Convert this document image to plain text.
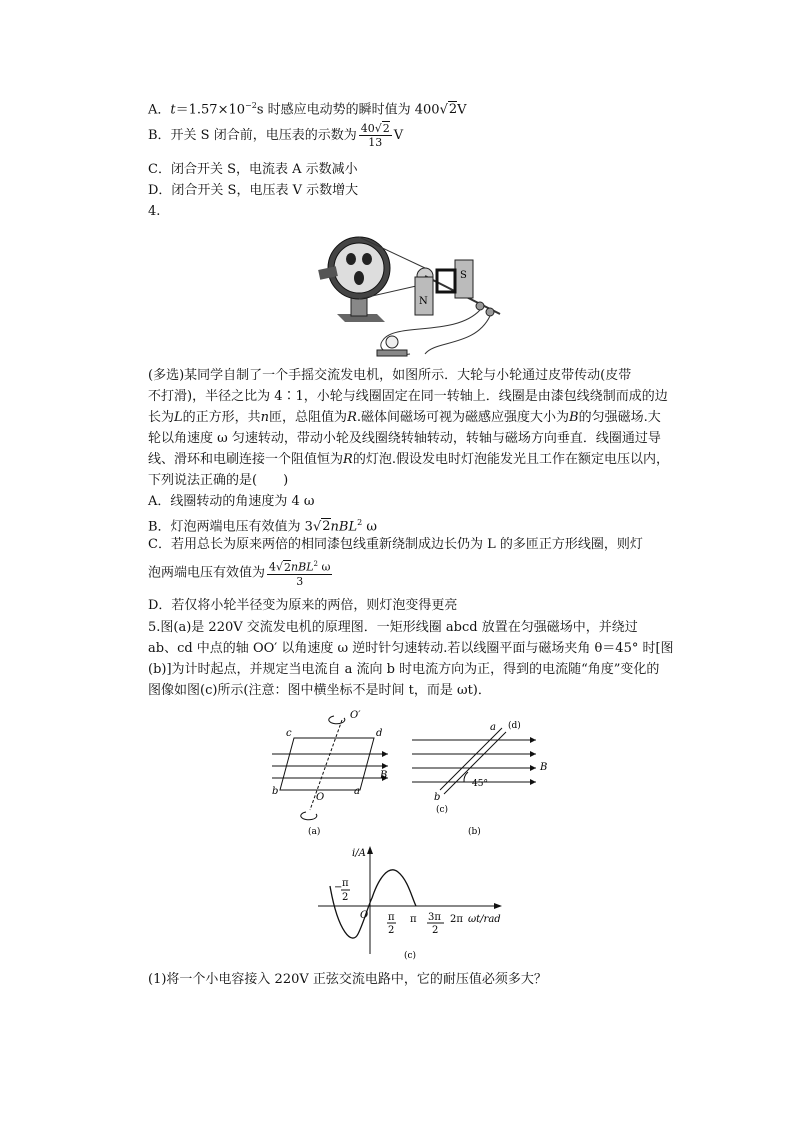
A．$t=1.57\times 10^{-2}s$ 时感应电动势的瞬时值为 400√2V
B．开关 S 闭合前，电压表的示数为 $\frac{40√2}{13}$ V
C．闭合开关 S，电流表 A 示数减小
D．闭合开关 S，电压表 V 示数增大
4.
N
S
(多选)某同学自制了一个手摇交流发电机，如图所示．大轮与小轮通过皮带传动(皮带
不打滑)，半径之比为 4∶1，小轮与线圈固定在同一转轴上．线圈是由漆包线绕制而成的边
长为L的正方形，共n匝，总阻值为R.磁体间磁场可视为磁感应强度大小为B的匀强磁场.大
轮以角速度 ω 匀速转动，带动小轮及线圈绕转轴转动，转轴与磁场方向垂直．线圈通过导
线、滑环和电刷连接一个阻值恒为R的灯泡.假设发电时灯泡能发光且工作在额定电压以内，
下列说法正确的是(　　)
A．线圈转动的角速度为 4 ω
B．灯泡两端电压有效值为 3√2nBL$^2$ ω
C．若用总长为原来两倍的相同漆包线重新绕制成边长仍为 L 的多匝正方形线圈，则灯
泡两端电压有效值为 $\frac{4√2nBL^2 \omega}{3}$
D．若仅将小轮半径变为原来的两倍，则灯泡变得更亮
5.图(a)是 220V 交流发电机的原理图．一矩形线圈 abcd 放置在匀强磁场中，并绕过
ab、cd 中点的轴 OO′ 以角速度 ω 逆时针匀速转动.若以线圈平面与磁场夹角 θ＝45° 时[图
(b)]为计时起点，并规定当电流自 a 流向 b 时电流方向为正，得到的电流随“角度”变化的
图像如图(c)所示(注意：图中横坐标不是时间 t，而是 ωt)．
O′
c	d
B
b
O
a
(a)
45°
a (d)
B
b
(c)
(b)
i/A
− π
2
O π
2
π 3π
2
2π ωt/rad
(c)
(1)将一个小电容接入 220V 正弦交流电路中，它的耐压值必须多大？
